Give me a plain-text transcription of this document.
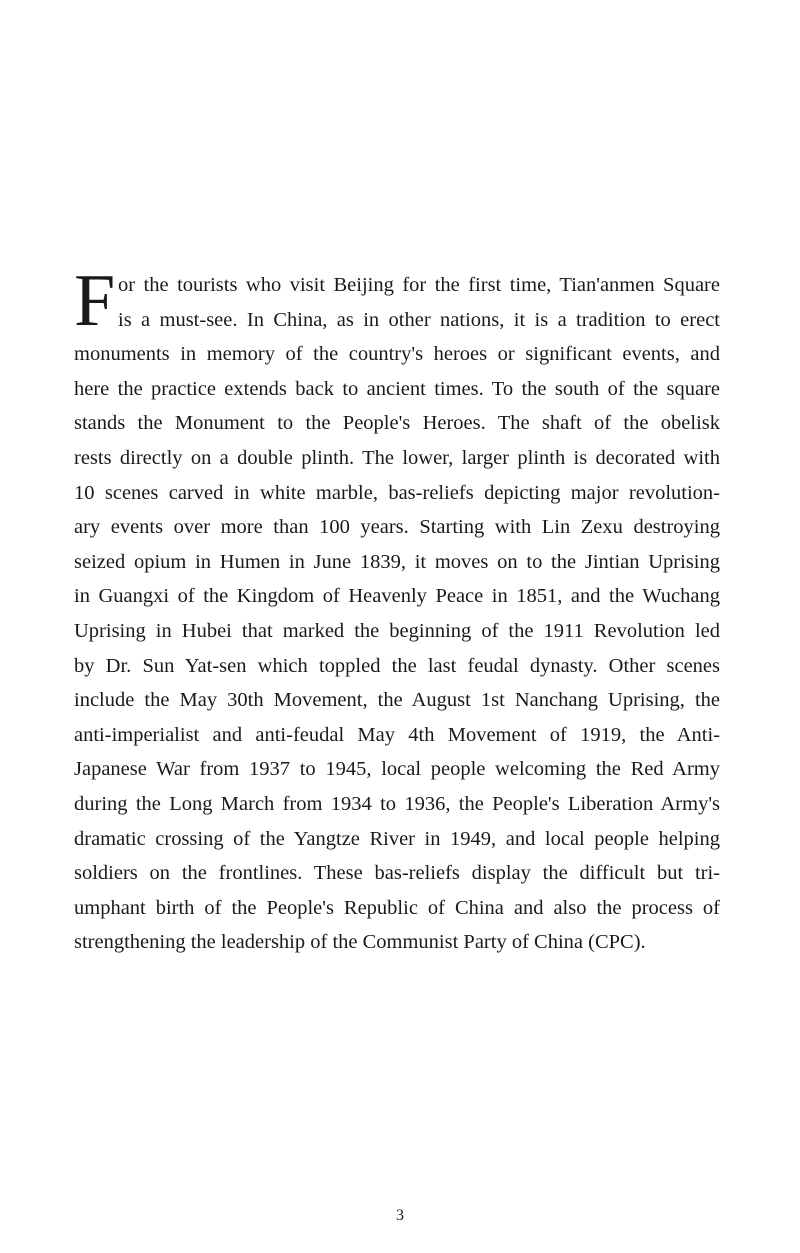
F or the tourists who visit Beijing for the first time, Tian'anmen Square
is a must-see. In China, as in other nations, it is a tradition to erect
monuments in memory of the country's heroes or significant events, and
here the practice extends back to ancient times. To the south of the square
stands the Monument to the People's Heroes. The shaft of the obelisk
rests directly on a double plinth. The lower, larger plinth is decorated with
10 scenes carved in white marble, bas-reliefs depicting major revolution-
ary events over more than 100 years. Starting with Lin Zexu destroying
seized opium in Humen in June 1839, it moves on to the Jintian Uprising
in Guangxi of the Kingdom of Heavenly Peace in 1851, and the Wuchang
Uprising in Hubei that marked the beginning of the 1911 Revolution led
by Dr. Sun Yat-sen which toppled the last feudal dynasty. Other scenes
include the May 30th Movement, the August 1st Nanchang Uprising, the
anti-imperialist and anti-feudal May 4th Movement of 1919, the Anti-
Japanese War from 1937 to 1945, local people welcoming the Red Army
during the Long March from 1934 to 1936, the People's Liberation Army's
dramatic crossing of the Yangtze River in 1949, and local people helping
soldiers on the frontlines. These bas-reliefs display the difficult but tri-
umphant birth of the People's Republic of China and also the process of
strengthening the leadership of the Communist Party of China (CPC).
3
